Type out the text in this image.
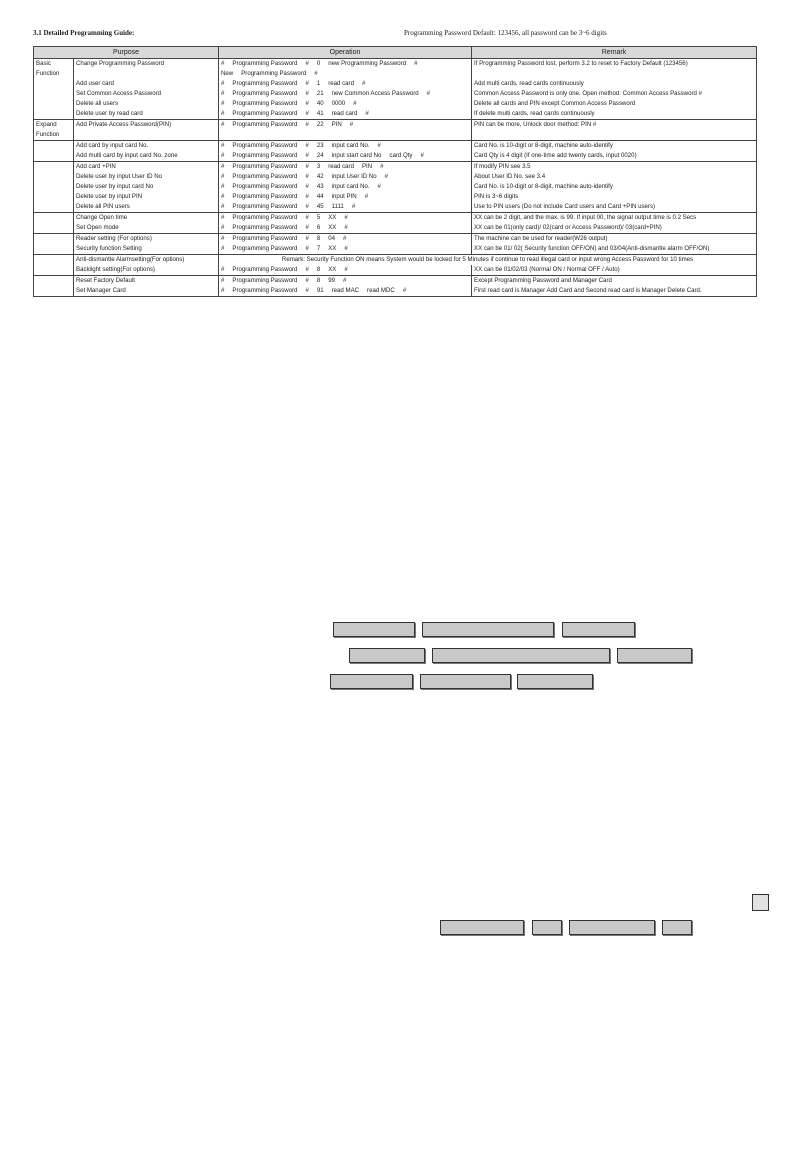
3.1 Detailed Programming Guide:	Programming Password Default: 123456, all password can be 3~6 digits
Purpose		Operation	Remark
Basic	Change Programming Password	# Programming Password # 0 new Programming Password #	If Programming Password lost, perform 3.2 to reset to Factory Default (123456)
Function		New Programming Password #	
	Add user card	# Programming Password # 1 read card #	Add multi cards, read cards continuously
	Set Common Access Password	# Programming Password # 21 new Common Access Password #	Common Access Password is only one. Open method: Common Access Password #
	Delete all users	# Programming Password # 40 0000 #	Delete all cards and PIN except Common Access Password
	Delete user by read card	# Programming Password # 41 read card #	If delete multi cards, read cards continuously
Expand	Add Private Access Password(PIN)	# Programming Password # 22 PIN #	PIN can be more, Unlock door method: PIN #
Function			
	Add card by input card No.	# Programming Password # 23 input card No. #	Card No. is 10-digit or 8-digit, machine auto-identify
	Add multi card by input card No. zone	# Programming Password # 24 input start card No card Qty #	Card Qty is 4 digit (If one-time add twenty cards, input 0020)
	Add card +PIN	# Programming Password # 3 read card PIN #	If modify PIN see 3.5
	Delete user by input User ID No	# Programming Password # 42 input User ID No #	About User ID No. see 3.4
	Delete user by input card No	# Programming Password # 43 input card No. #	Card No. is 10-digit or 8-digit, machine auto-identify
	Delete user by input PIN	# Programming Password # 44 input PIN #	PIN is 3~6 digits
	Delete all PIN users	# Programming Password # 45 1111 #	Use to PIN users (Do not include Card users and Card +PIN users)
	Change Open time	# Programming Password # 5 XX #	XX can be 2 digit, and the max. is 99. If input 00, the signal output time is 0.2 Secs
	Set Open mode	# Programming Password # 6 XX #	XX can be 01(only card)/ 02(card or Access Password)/ 03(card+PIN)
	Reader setting (For options)	# Programming Password # 8 04 #	The machine can be used for reader(W26 output)
	Security function Setting	# Programming Password # 7 XX #	XX can be 01/ 02( Security function OFF/ON) and 03/04(Anti-dismantle alarm OFF/ON)
	Anti-dismantle Alarmsetting(For options)	Remark: Security Function ON means System would be locked for 5 Minutes if continue to read illegal card or input wrong Access Password for 10 times	
	Backlight setting(For options)	# Programming Password # 8 XX #	XX can be 01/02/03 (Normal ON / Normal OFF / Auto)
	Reset Factory Default	# Programming Password # 8 99 #	Except Programming Password and Manager Card
	Set Manager Card	# Programming Password # 91 read MAC read MDC #	First read card is Manager Add Card and Second read card is Manager Delete Card.
